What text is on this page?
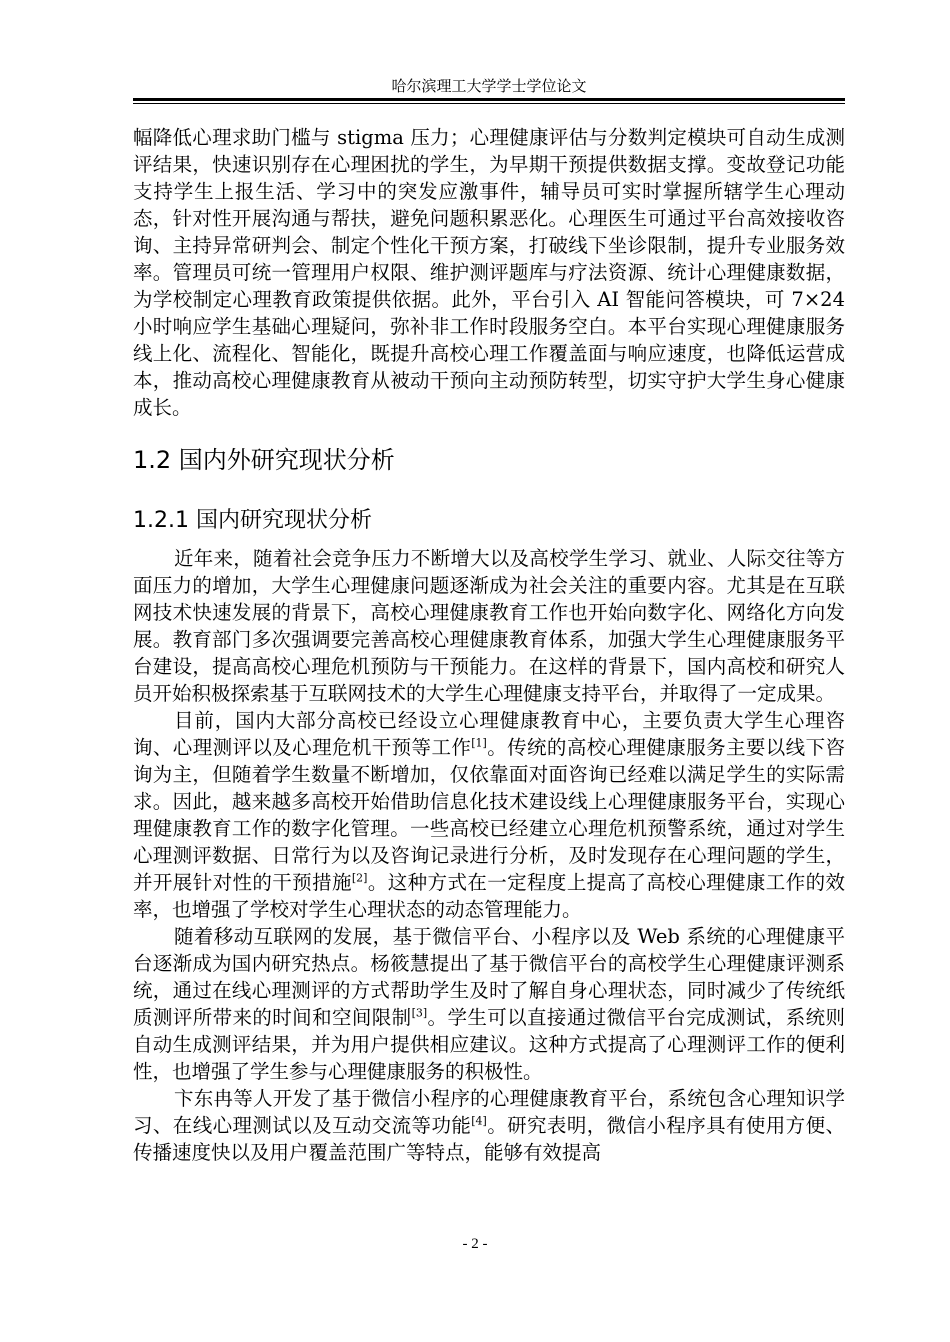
哈尔滨理工大学学士学位论文

幅降低心理求助门槛与 stigma 压力；心理健康评估与分数判定模块可自动生成测评结果，快速识别存在心理困扰的学生，为早期干预提供数据支撑。变故登记功能支持学生上报生活、学习中的突发应激事件，辅导员可实时掌握所辖学生心理动态，针对性开展沟通与帮扶，避免问题积累恶化。心理医生可通过平台高效接收咨询、主持异常研判会、制定个性化干预方案，打破线下坐诊限制，提升专业服务效率。管理员可统一管理用户权限、维护测评题库与疗法资源、统计心理健康数据，为学校制定心理教育政策提供依据。此外，平台引入 AI 智能问答模块，可 7×24 小时响应学生基础心理疑问，弥补非工作时段服务空白。本平台实现心理健康服务线上化、流程化、智能化，既提升高校心理工作覆盖面与响应速度，也降低运营成本，推动高校心理健康教育从被动干预向主动预防转型，切实守护大学生身心健康成长。

1.2 国内外研究现状分析
1.2.1 国内研究现状分析

近年来，随着社会竞争压力不断增大以及高校学生学习、就业、人际交往等方面压力的增加，大学生心理健康问题逐渐成为社会关注的重要内容。尤其是在互联网技术快速发展的背景下，高校心理健康教育工作也开始向数字化、网络化方向发展。教育部门多次强调要完善高校心理健康教育体系，加强大学生心理健康服务平台建设，提高高校心理危机预防与干预能力。在这样的背景下，国内高校和研究人员开始积极探索基于互联网技术的大学生心理健康支持平台，并取得了一定成果。

目前，国内大部分高校已经设立心理健康教育中心，主要负责大学生心理咨询、心理测评以及心理危机干预等工作[1]。传统的高校心理健康服务主要以线下咨询为主，但随着学生数量不断增加，仅依靠面对面咨询已经难以满足学生的实际需求。因此，越来越多高校开始借助信息化技术建设线上心理健康服务平台，实现心理健康教育工作的数字化管理。一些高校已经建立心理危机预警系统，通过对学生心理测评数据、日常行为以及咨询记录进行分析，及时发现存在心理问题的学生，并开展针对性的干预措施[2]。这种方式在一定程度上提高了高校心理健康工作的效率，也增强了学校对学生心理状态的动态管理能力。

随着移动互联网的发展，基于微信平台、小程序以及 Web 系统的心理健康平台逐渐成为国内研究热点。杨筱慧提出了基于微信平台的高校学生心理健康评测系统，通过在线心理测评的方式帮助学生及时了解自身心理状态，同时减少了传统纸质测评所带来的时间和空间限制[3]。学生可以直接通过微信平台完成测试，系统则自动生成测评结果，并为用户提供相应建议。这种方式提高了心理测评工作的便利性，也增强了学生参与心理健康服务的积极性。

卞东冉等人开发了基于微信小程序的心理健康教育平台，系统包含心理知识学习、在线心理测试以及互动交流等功能[4]。研究表明，微信小程序具有使用方便、传播速度快以及用户覆盖范围广等特点，能够有效提高

- 2 -
